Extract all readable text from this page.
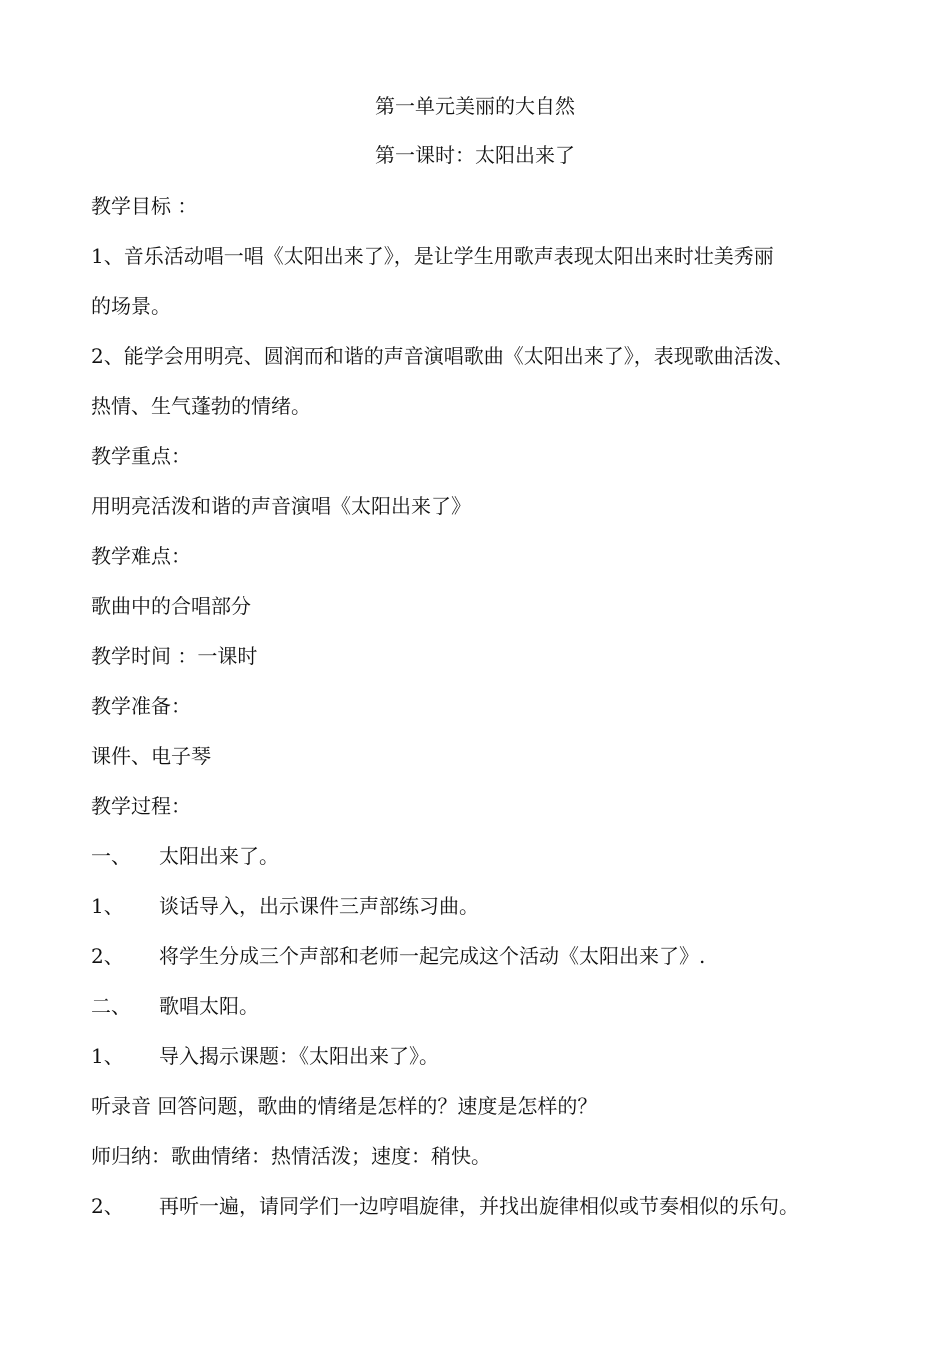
第一单元美丽的大自然
第一课时：太阳出来了
教学目标 ：
1、音乐活动唱一唱《太阳出来了》，是让学生用歌声表现太阳出来时壮美秀丽
的场景。
2、能学会用明亮、圆润而和谐的声音演唱歌曲《太阳出来了》，表现歌曲活泼、
热情、生气蓬勃的情绪。
教学重点：
用明亮活泼和谐的声音演唱《太阳出来了》
教学难点：
歌曲中的合唱部分
教学时间 ：一课时
教学准备：
课件、电子琴
教学过程：
一、 太阳出来了。
1、 谈话导入，出示课件三声部练习曲。
2、 将学生分成三个声部和老师一起完成这个活动《太阳出来了》.
二、 歌唱太阳。
1、 导入揭示课题：《太阳出来了》。
听录音 回答问题，歌曲的情绪是怎样的？速度是怎样的？
师归纳：歌曲情绪：热情活泼；速度：稍快。
2、 再听一遍，请同学们一边哼唱旋律，并找出旋律相似或节奏相似的乐句。
